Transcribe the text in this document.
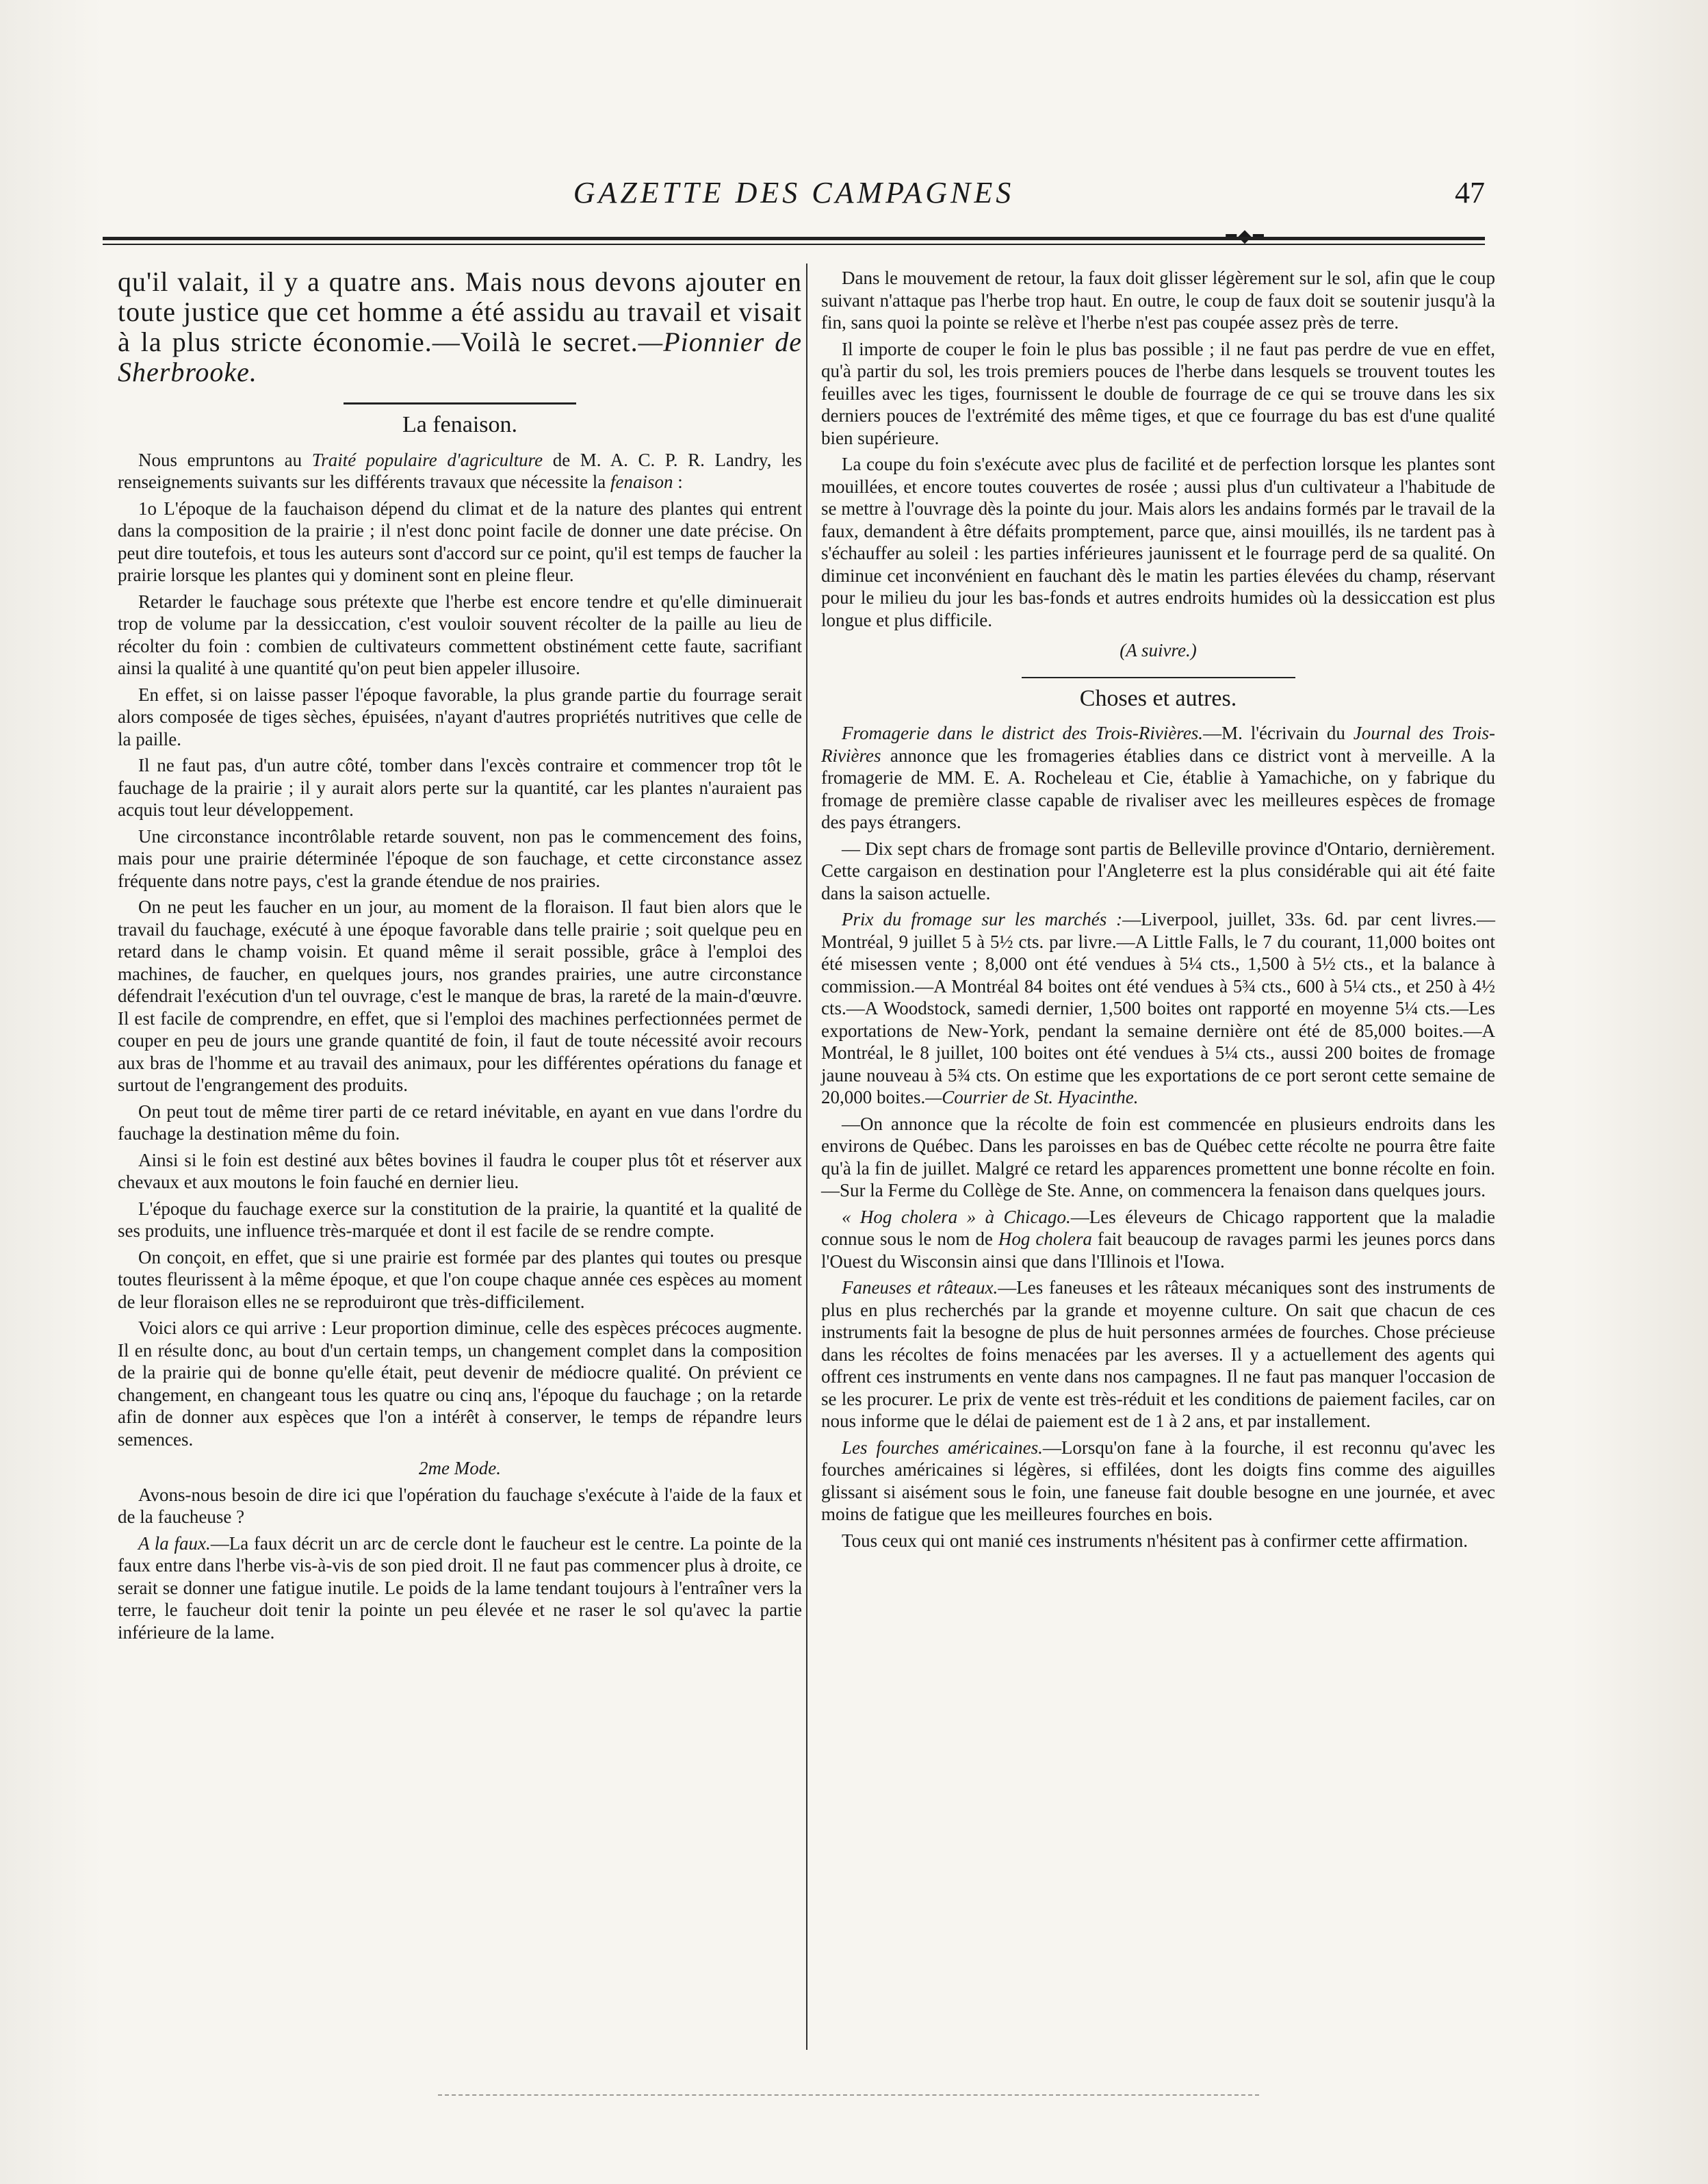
GAZETTE DES CAMPAGNES	47
━◆━

qu'il valait, il y a quatre ans. Mais nous devons ajouter en toute justice que cet homme a été assidu au travail et visait à la plus stricte économie.—Voilà le secret.—Pionnier de Sherbrooke.

La fenaison.

Nous empruntons au Traité populaire d'agriculture de M. A. C. P. R. Landry, les renseignements suivants sur les différents travaux que nécessite la fenaison :

1o L'époque de la fauchaison dépend du climat et de la nature des plantes qui entrent dans la composition de la prairie ; il n'est donc point facile de donner une date précise. On peut dire toutefois, et tous les auteurs sont d'accord sur ce point, qu'il est temps de faucher la prairie lorsque les plantes qui y dominent sont en pleine fleur.

Retarder le fauchage sous prétexte que l'herbe est encore tendre et qu'elle diminuerait trop de volume par la dessiccation, c'est vouloir souvent récolter de la paille au lieu de récolter du foin : combien de cultivateurs commettent obstinément cette faute, sacrifiant ainsi la qualité à une quantité qu'on peut bien appeler illusoire.

En effet, si on laisse passer l'époque favorable, la plus grande partie du fourrage serait alors composée de tiges sèches, épuisées, n'ayant d'autres propriétés nutritives que celle de la paille.

Il ne faut pas, d'un autre côté, tomber dans l'excès contraire et commencer trop tôt le fauchage de la prairie ; il y aurait alors perte sur la quantité, car les plantes n'auraient pas acquis tout leur développement.

Une circonstance incontrôlable retarde souvent, non pas le commencement des foins, mais pour une prairie déterminée l'époque de son fauchage, et cette circonstance assez fréquente dans notre pays, c'est la grande étendue de nos prairies.

On ne peut les faucher en un jour, au moment de la floraison. Il faut bien alors que le travail du fauchage, exécuté à une époque favorable dans telle prairie ; soit quelque peu en retard dans le champ voisin. Et quand même il serait possible, grâce à l'emploi des machines, de faucher, en quelques jours, nos grandes prairies, une autre circonstance défendrait l'exécution d'un tel ouvrage, c'est le manque de bras, la rareté de la main-d'œuvre. Il est facile de comprendre, en effet, que si l'emploi des machines perfectionnées permet de couper en peu de jours une grande quantité de foin, il faut de toute nécessité avoir recours aux bras de l'homme et au travail des animaux, pour les différentes opérations du fanage et surtout de l'engrangement des produits.

On peut tout de même tirer parti de ce retard inévitable, en ayant en vue dans l'ordre du fauchage la destination même du foin.

Ainsi si le foin est destiné aux bêtes bovines il faudra le couper plus tôt et réserver aux chevaux et aux moutons le foin fauché en dernier lieu.

L'époque du fauchage exerce sur la constitution de la prairie, la quantité et la qualité de ses produits, une influence très-marquée et dont il est facile de se rendre compte.

On conçoit, en effet, que si une prairie est formée par des plantes qui toutes ou presque toutes fleurissent à la même époque, et que l'on coupe chaque année ces espèces au moment de leur floraison elles ne se reproduiront que très-difficilement.

Voici alors ce qui arrive : Leur proportion diminue, celle des espèces précoces augmente. Il en résulte donc, au bout d'un certain temps, un changement complet dans la composition de la prairie qui de bonne qu'elle était, peut devenir de médiocre qualité. On prévient ce changement, en changeant tous les quatre ou cinq ans, l'époque du fauchage ; on la retarde afin de donner aux espèces que l'on a intérêt à conserver, le temps de répandre leurs semences.

2me Mode.

Avons-nous besoin de dire ici que l'opération du fauchage s'exécute à l'aide de la faux et de la faucheuse ?

A la faux.—La faux décrit un arc de cercle dont le faucheur est le centre. La pointe de la faux entre dans l'herbe vis-à-vis de son pied droit. Il ne faut pas commencer plus à droite, ce serait se donner une fatigue inutile. Le poids de la lame tendant toujours à l'entraîner vers la terre, le faucheur doit tenir la pointe un peu élevée et ne raser le sol qu'avec la partie inférieure de la lame.

Dans le mouvement de retour, la faux doit glisser légèrement sur le sol, afin que le coup suivant n'attaque pas l'herbe trop haut. En outre, le coup de faux doit se soutenir jusqu'à la fin, sans quoi la pointe se relève et l'herbe n'est pas coupée assez près de terre.

Il importe de couper le foin le plus bas possible ; il ne faut pas perdre de vue en effet, qu'à partir du sol, les trois premiers pouces de l'herbe dans lesquels se trouvent toutes les feuilles avec les tiges, fournissent le double de fourrage de ce qui se trouve dans les six derniers pouces de l'extrémité des même tiges, et que ce fourrage du bas est d'une qualité bien supérieure.

La coupe du foin s'exécute avec plus de facilité et de perfection lorsque les plantes sont mouillées, et encore toutes couvertes de rosée ; aussi plus d'un cultivateur a l'habitude de se mettre à l'ouvrage dès la pointe du jour. Mais alors les andains formés par le travail de la faux, demandent à être défaits promptement, parce que, ainsi mouillés, ils ne tardent pas à s'échauffer au soleil : les parties inférieures jaunissent et le fourrage perd de sa qualité. On diminue cet inconvénient en fauchant dès le matin les parties élevées du champ, réservant pour le milieu du jour les bas-fonds et autres endroits humides où la dessiccation est plus longue et plus difficile.

(A suivre.)
Choses et autres.

Fromagerie dans le district des Trois-Rivières.—M. l'écrivain du Journal des Trois-Rivières annonce que les fromageries établies dans ce district vont à merveille. A la fromagerie de MM. E. A. Rocheleau et Cie, établie à Yamachiche, on y fabrique du fromage de première classe capable de rivaliser avec les meilleures espèces de fromage des pays étrangers.

— Dix sept chars de fromage sont partis de Belleville province d'Ontario, dernièrement. Cette cargaison en destination pour l'Angleterre est la plus considérable qui ait été faite dans la saison actuelle.

Prix du fromage sur les marchés :—Liverpool, juillet, 33s. 6d. par cent livres.—Montréal, 9 juillet 5 à 5½ cts. par livre.—A Little Falls, le 7 du courant, 11,000 boites ont été misessen vente ; 8,000 ont été vendues à 5¼ cts., 1,500 à 5½ cts., et la balance à commission.—A Montréal 84 boites ont été vendues à 5¾ cts., 600 à 5¼ cts., et 250 à 4½ cts.—A Woodstock, samedi dernier, 1,500 boites ont rapporté en moyenne 5¼ cts.—Les exportations de New-York, pendant la semaine dernière ont été de 85,000 boites.—A Montréal, le 8 juillet, 100 boites ont été vendues à 5¼ cts., aussi 200 boites de fromage jaune nouveau à 5¾ cts. On estime que les exportations de ce port seront cette semaine de 20,000 boites.—Courrier de St. Hyacinthe.

—On annonce que la récolte de foin est commencée en plusieurs endroits dans les environs de Québec. Dans les paroisses en bas de Québec cette récolte ne pourra être faite qu'à la fin de juillet. Malgré ce retard les apparences promettent une bonne récolte en foin.—Sur la Ferme du Collège de Ste. Anne, on commencera la fenaison dans quelques jours.

« Hog cholera » à Chicago.—Les éleveurs de Chicago rapportent que la maladie connue sous le nom de Hog cholera fait beaucoup de ravages parmi les jeunes porcs dans l'Ouest du Wisconsin ainsi que dans l'Illinois et l'Iowa.

Faneuses et râteaux.—Les faneuses et les râteaux mécaniques sont des instruments de plus en plus recherchés par la grande et moyenne culture. On sait que chacun de ces instruments fait la besogne de plus de huit personnes armées de fourches. Chose précieuse dans les récoltes de foins menacées par les averses. Il y a actuellement des agents qui offrent ces instruments en vente dans nos campagnes. Il ne faut pas manquer l'occasion de se les procurer. Le prix de vente est très-réduit et les conditions de paiement faciles, car on nous informe que le délai de paiement est de 1 à 2 ans, et par installement.

Les fourches américaines.—Lorsqu'on fane à la fourche, il est reconnu qu'avec les fourches américaines si légères, si effilées, dont les doigts fins comme des aiguilles glissant si aisément sous le foin, une faneuse fait double besogne en une journée, et avec moins de fatigue que les meilleures fourches en bois.

Tous ceux qui ont manié ces instruments n'hésitent pas à confirmer cette affirmation.
